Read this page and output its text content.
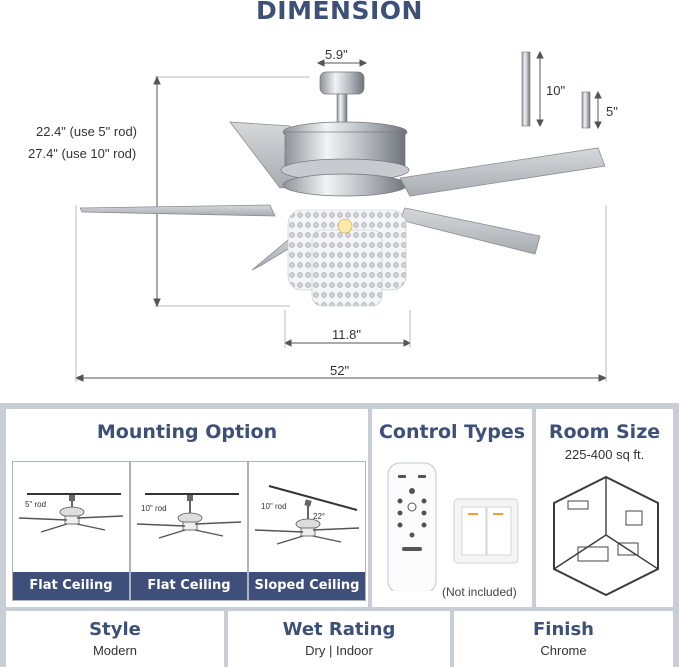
DIMENSION
5.9"
22.4" (use 5" rod)
27.4" (use 10" rod)
10"
5"
11.8"
52"
Mounting Option
5" rod
Flat Ceiling
10" rod
Flat Ceiling
10" rod
22°
Sloped Ceiling
Control Types
(Not included)
Room Size
225-400 sq ft.
Style
Modern
Wet Rating
Dry | Indoor
Finish
Chrome
